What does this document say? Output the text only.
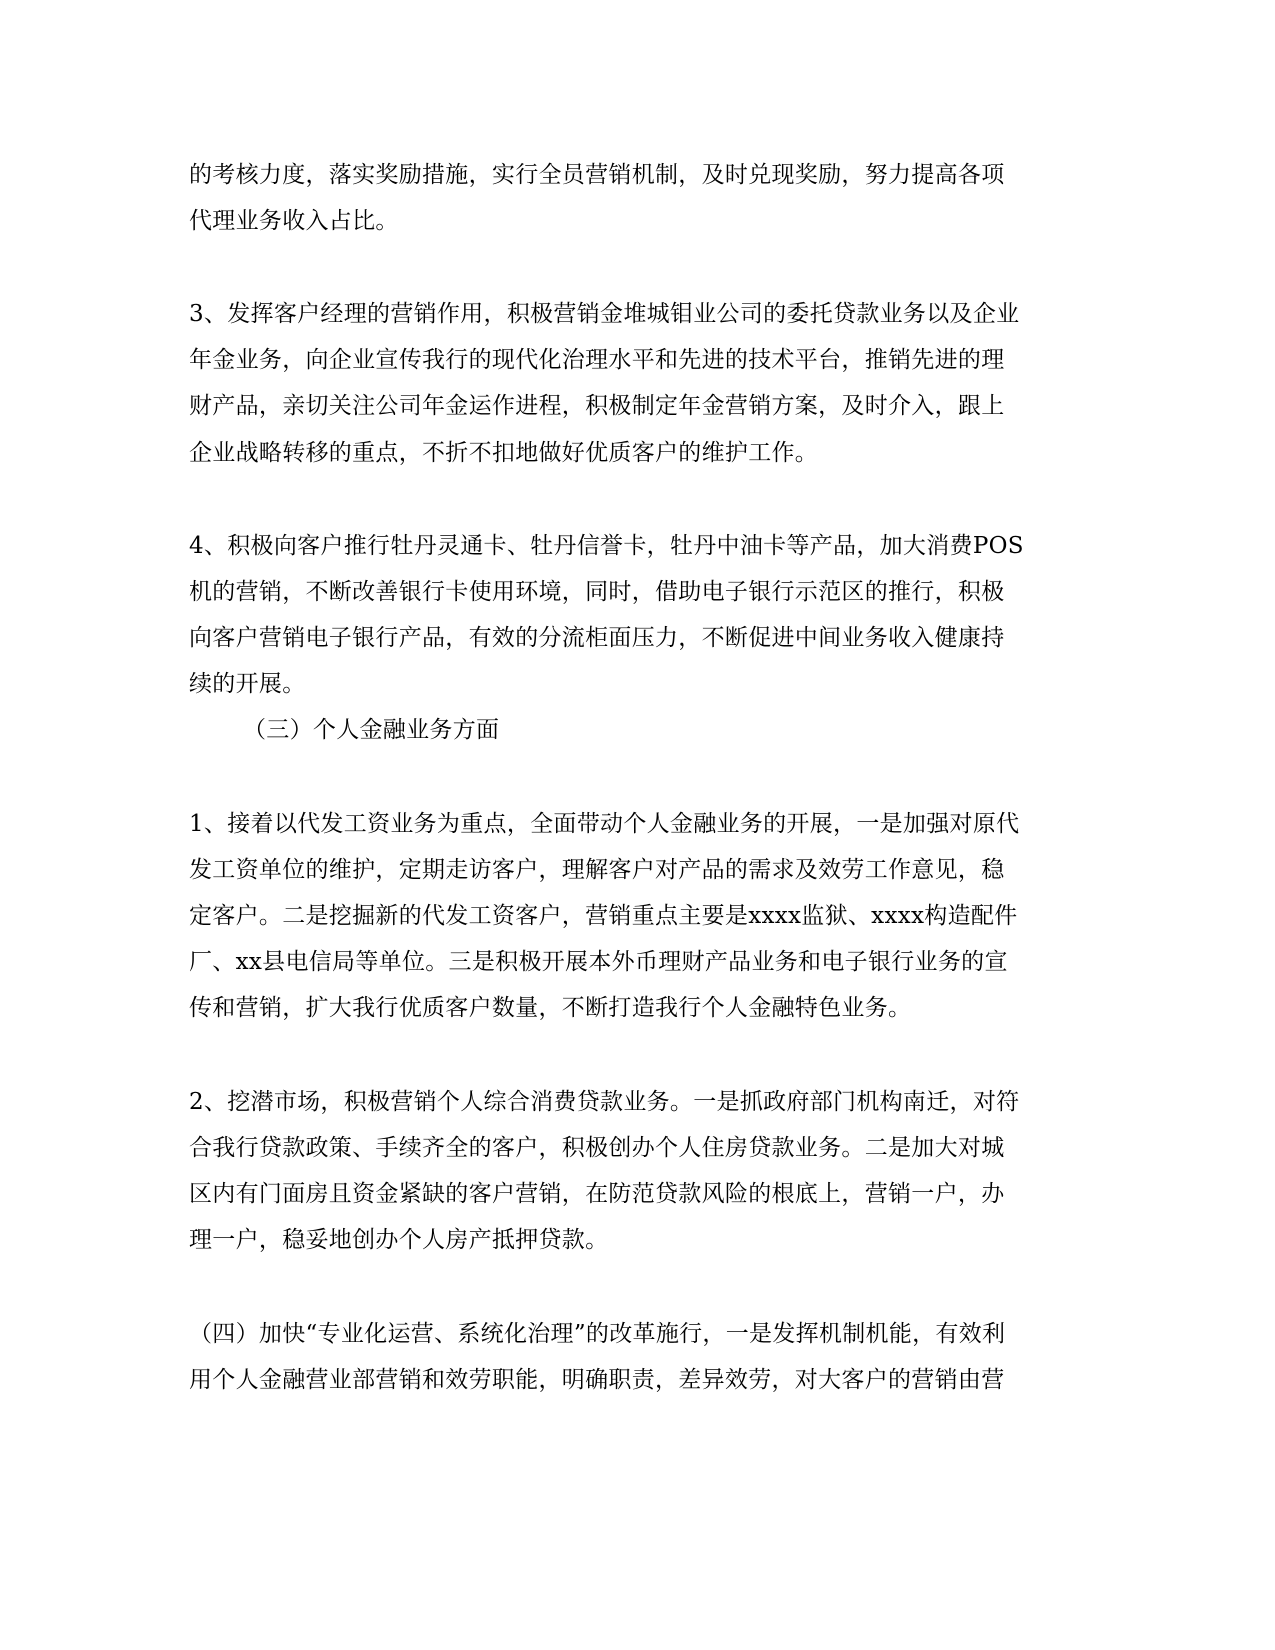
的考核力度，落实奖励措施，实行全员营销机制，及时兑现奖励，努力提高各项
代理业务收入占比。
3、发挥客户经理的营销作用，积极营销金堆城钼业公司的委托贷款业务以及企业
年金业务，向企业宣传我行的现代化治理水平和先进的技术平台，推销先进的理
财产品，亲切关注公司年金运作进程，积极制定年金营销方案，及时介入，跟上
企业战略转移的重点，不折不扣地做好优质客户的维护工作。
4、积极向客户推行牡丹灵通卡、牡丹信誉卡，牡丹中油卡等产品，加大消费POS
机的营销，不断改善银行卡使用环境，同时，借助电子银行示范区的推行，积极
向客户营销电子银行产品，有效的分流柜面压力，不断促进中间业务收入健康持
续的开展。
（三）个人金融业务方面
1、接着以代发工资业务为重点，全面带动个人金融业务的开展，一是加强对原代
发工资单位的维护，定期走访客户，理解客户对产品的需求及效劳工作意见，稳
定客户。二是挖掘新的代发工资客户，营销重点主要是xxxx监狱、xxxx构造配件
厂、xx县电信局等单位。三是积极开展本外币理财产品业务和电子银行业务的宣
传和营销，扩大我行优质客户数量，不断打造我行个人金融特色业务。
2、挖潜市场，积极营销个人综合消费贷款业务。一是抓政府部门机构南迁，对符
合我行贷款政策、手续齐全的客户，积极创办个人住房贷款业务。二是加大对城
区内有门面房且资金紧缺的客户营销，在防范贷款风险的根底上，营销一户，办
理一户，稳妥地创办个人房产抵押贷款。
（四）加快“专业化运营、系统化治理”的改革施行，一是发挥机制机能，有效利
用个人金融营业部营销和效劳职能，明确职责，差异效劳，对大客户的营销由营
